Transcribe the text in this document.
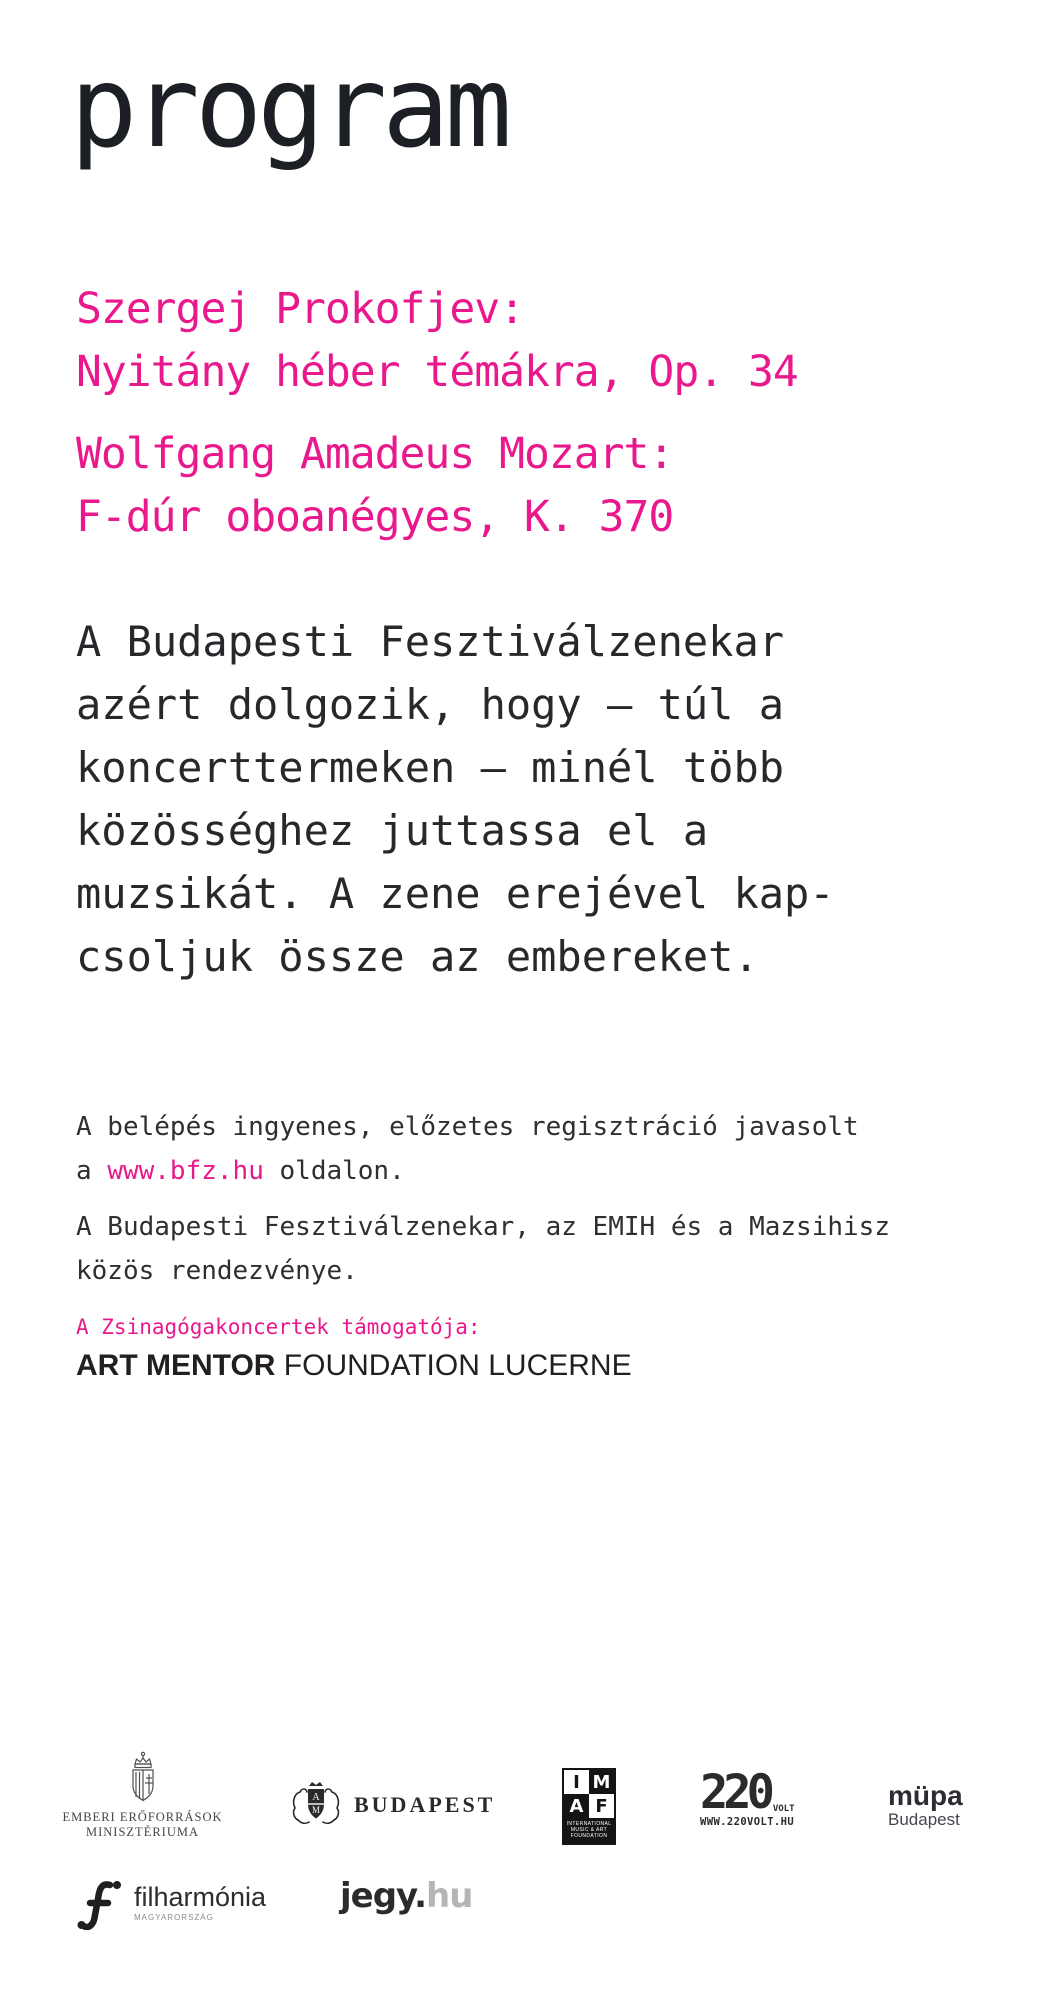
program
Szergej Prokofjev:
Nyitány héber témákra, Op. 34
Wolfgang Amadeus Mozart:
F-dúr oboanégyes, K. 370
A Budapesti Fesztiválzenekar
azért dolgozik, hogy – túl a
koncerttermeken – minél több
közösséghez juttassa el a
muzsikát. A zene erejével kap-
csoljuk össze az embereket.
A belépés ingyenes, előzetes regisztráció javasolt
a www.bfz.hu oldalon.
A Budapesti Fesztiválzenekar, az EMIH és a Mazsihisz
közös rendezvénye.
A Zsinagógakoncertek támogatója:
ART MENTOR FOUNDATION LUCERNE
EMBERI ERŐFORRÁSOK
MINISZTÉRIUMA
A
M BUDAPEST
I M
A F
INTERNATIONAL
MUSIC & ART
FOUNDATION
220 VOLT
WWW.220VOLT.HU
müpa
Budapest
filharmónia
MAGYARORSZÁG
jegy.hu
